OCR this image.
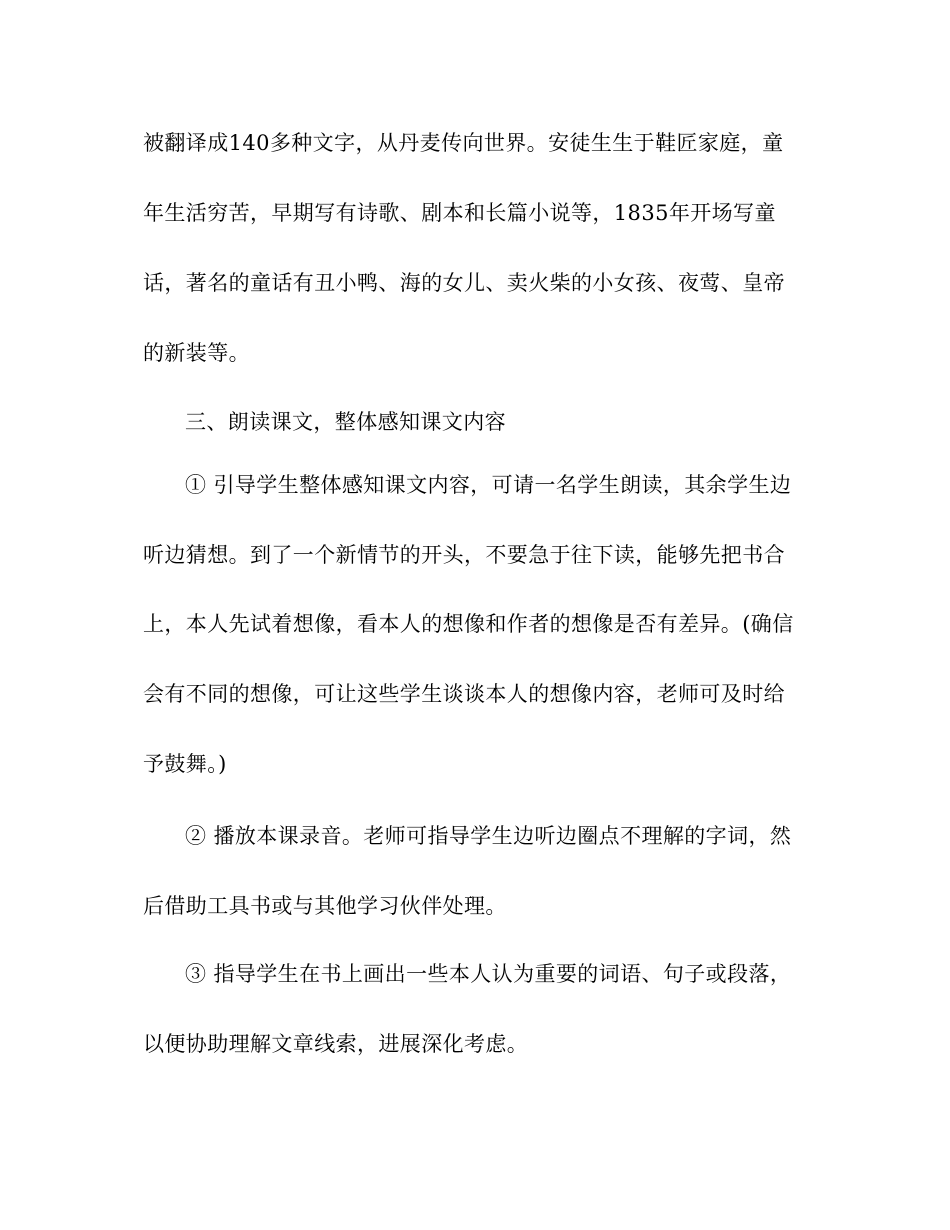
被翻译成140多种文字，从丹麦传向世界。安徒生生于鞋匠家庭，童
年生活穷苦，早期写有诗歌、剧本和长篇小说等，1835年开场写童
话，著名的童话有丑小鸭、海的女儿、卖火柴的小女孩、夜莺、皇帝
的新装等。
三、朗读课文，整体感知课文内容
① 引导学生整体感知课文内容，可请一名学生朗读，其余学生边
听边猜想。到了一个新情节的开头，不要急于往下读，能够先把书合
上，本人先试着想像，看本人的想像和作者的想像是否有差异。(确信
会有不同的想像，可让这些学生谈谈本人的想像内容，老师可及时给
予鼓舞。)
② 播放本课录音。老师可指导学生边听边圈点不理解的字词，然
后借助工具书或与其他学习伙伴处理。
③ 指导学生在书上画出一些本人认为重要的词语、句子或段落，
以便协助理解文章线索，进展深化考虑。
